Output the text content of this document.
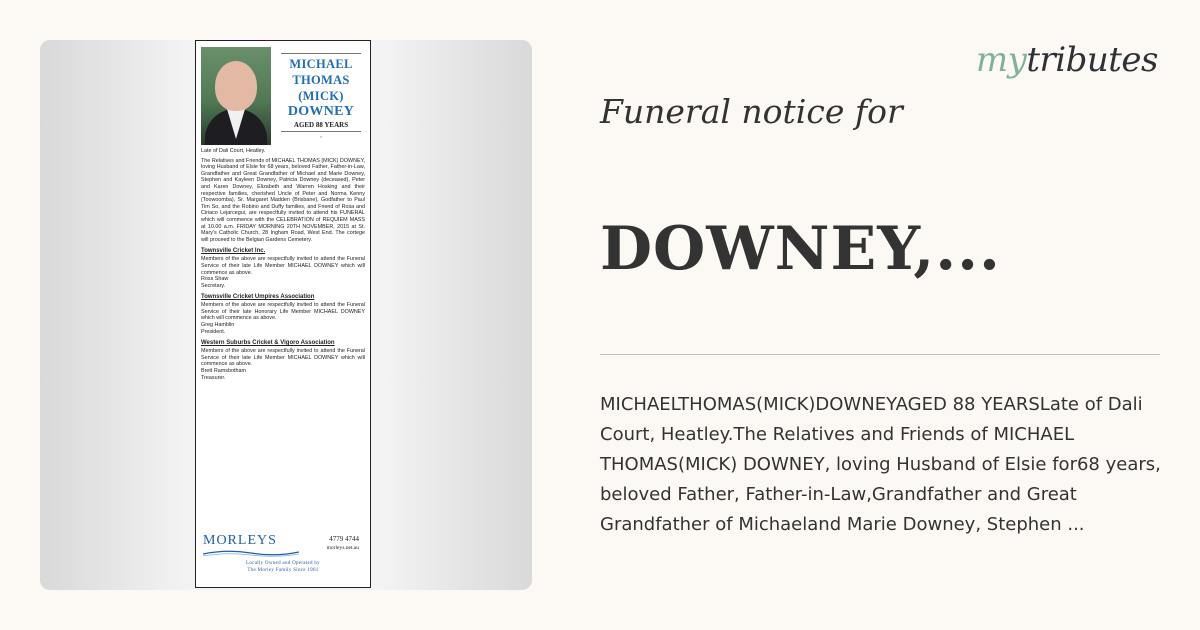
MICHAEL
THOMAS
(MICK)
DOWNEY
AGED 88 YEARS
◦

Late of Dali Court, Heatley.

The Relatives and Friends of MICHAEL THOMAS (MICK) DOWNEY, loving Husband of Elsie for 68 years, beloved Father, Father-in-Law, Grandfather and Great Grandfather of Michael and Marie Downey, Stephen and Kayleen Downey, Patricia Downey (deceased), Peter and Karen Downey, Elizabeth and Warren Hosking and their respective families, cherished Uncle of Peter and Norma Kenny (Toowoomba), Sr. Margaret Madden (Brisbane), Godfather to Paul Tim So, and the Robino and Duffy families, and Friend of Rosa and Ciriaco Lejarcegui, are respectfully invited to attend his FUNERAL which will commence with the CELEBRATION of REQUIEM MASS at 10.00 a.m. FRIDAY MORNING 20TH NOVEMBER, 2015 at St. Mary's Catholic Church, 28 Ingham Road, West End. The cortege will proceed to the Belgian Gardens Cemetery.

Townsville Cricket Inc.

Members of the above are respectfully invited to attend the Funeral Service of their late Life Member MICHAEL DOWNEY which will commence as above.

Ross Shaw

Secretary.

Townsville Cricket Umpires Association

Members of the above are respectfully invited to attend the Funeral Service of their late Honorary Life Member MICHAEL DOWNEY which will commence as above.

Greg Hamblin

President.

Western Suburbs Cricket & Vigoro Association

Members of the above are respectfully invited to attend the Funeral Service of their late Life Member MICHAEL DOWNEY which will commence as above.

Brett Ramsbotham

Treasurer.

MORLEYS	4779 4744
morleys.net.au
Locally Owned and Operated by
The Morley Family Since 1961
mytributes
Funeral notice for
DOWNEY,...
MICHAELTHOMAS(MICK)DOWNEYAGED 88 YEARSLate of Dali Court, Heatley.The Relatives and Friends of MICHAEL THOMAS(MICK) DOWNEY, loving Husband of Elsie for68 years, beloved Father, Father-in-Law,Grandfather and Great Grandfather of Michaeland Marie Downey, Stephen ...
